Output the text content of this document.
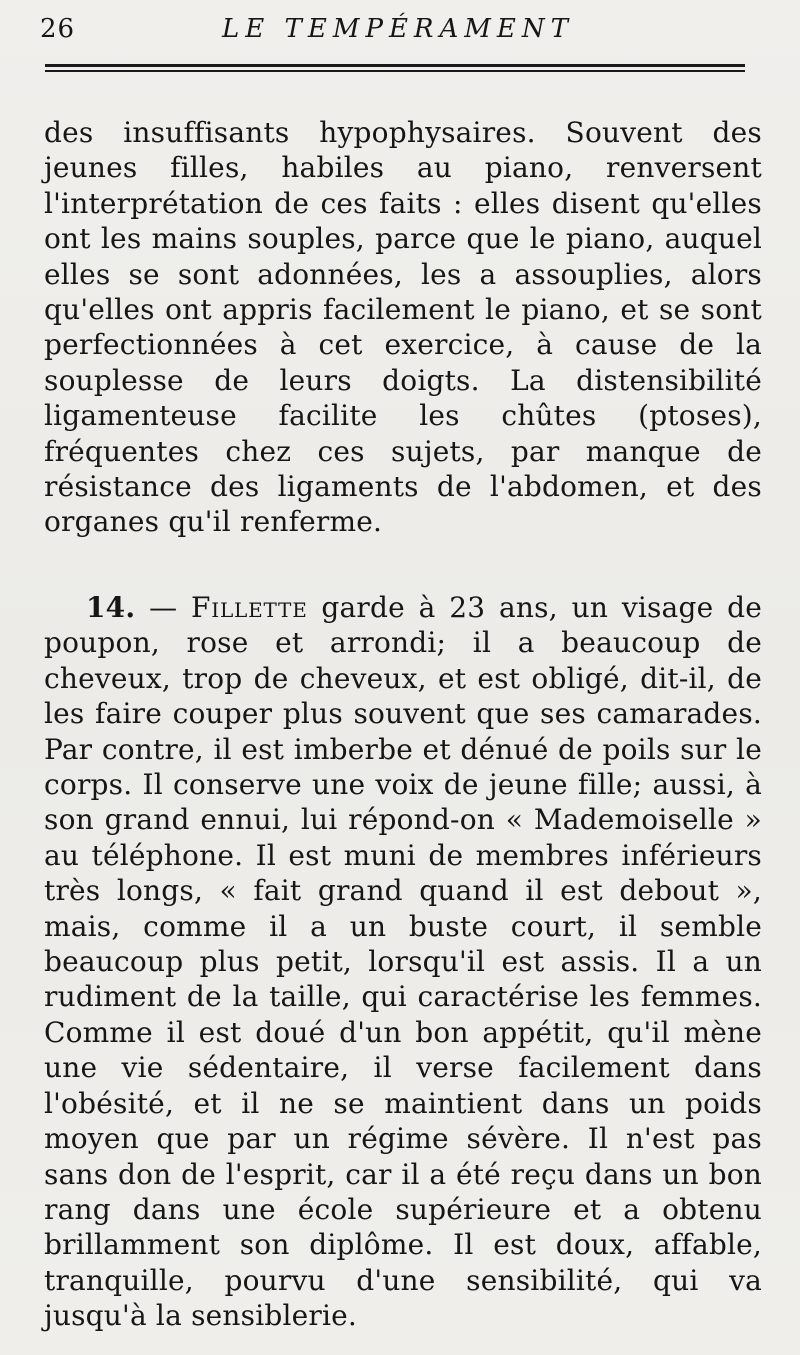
26	LE TEMPÉRAMENT

des insuffisants hypophysaires. Souvent des jeunes filles, habiles au piano, renversent l'interprétation de ces faits : elles disent qu'elles ont les mains souples, parce que le piano, auquel elles se sont adonnées, les a assouplies, alors qu'elles ont appris facilement le piano, et se sont perfectionnées à cet exercice, à cause de la souplesse de leurs doigts. La distensibilité ligamenteuse facilite les chûtes (ptoses), fréquentes chez ces sujets, par manque de résistance des ligaments de l'abdomen, et des organes qu'il renferme.

14. — Fillette garde à 23 ans, un visage de poupon, rose et arrondi; il a beaucoup de cheveux, trop de cheveux, et est obligé, dit-il, de les faire couper plus souvent que ses camarades. Par contre, il est imberbe et dénué de poils sur le corps. Il conserve une voix de jeune fille; aussi, à son grand ennui, lui répond-on « Mademoiselle » au téléphone. Il est muni de membres inférieurs très longs, « fait grand quand il est debout », mais, comme il a un buste court, il semble beaucoup plus petit, lorsqu'il est assis. Il a un rudiment de la taille, qui caractérise les femmes. Comme il est doué d'un bon appétit, qu'il mène une vie sédentaire, il verse facilement dans l'obésité, et il ne se maintient dans un poids moyen que par un régime sévère. Il n'est pas sans don de l'esprit, car il a été reçu dans un bon rang dans une école supérieure et a obtenu brillamment son diplôme. Il est doux, affable, tranquille, pourvu d'une sensibilité, qui va jusqu'à la sensiblerie.
